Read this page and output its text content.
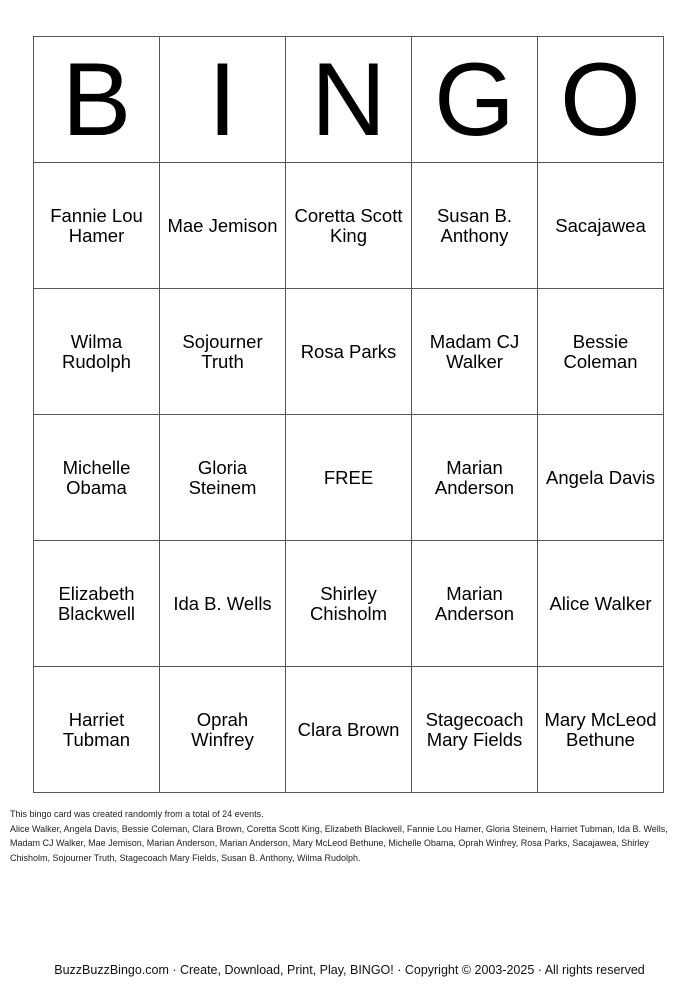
B	I	N	G	O
Fannie Lou Hamer	Mae Jemison	Coretta Scott King	Susan B. Anthony	Sacajawea
Wilma Rudolph	Sojourner Truth	Rosa Parks	Madam CJ Walker	Bessie Coleman
Michelle Obama	Gloria Steinem	FREE	Marian Anderson	Angela Davis
Elizabeth Blackwell	Ida B. Wells	Shirley Chisholm	Marian Anderson	Alice Walker
Harriet Tubman	Oprah Winfrey	Clara Brown	Stagecoach Mary Fields	Mary McLeod Bethune
This bingo card was created randomly from a total of 24 events.
Alice Walker, Angela Davis, Bessie Coleman, Clara Brown, Coretta Scott King, Elizabeth Blackwell, Fannie Lou Hamer, Gloria Steinem, Harriet Tubman, Ida B. Wells, Madam CJ Walker, Mae Jemison, Marian Anderson, Marian Anderson, Mary McLeod Bethune, Michelle Obama, Oprah Winfrey, Rosa Parks, Sacajawea, Shirley Chisholm, Sojourner Truth, Stagecoach Mary Fields, Susan B. Anthony, Wilma Rudolph.
BuzzBuzzBingo.com · Create, Download, Print, Play, BINGO! · Copyright © 2003-2025 · All rights reserved
